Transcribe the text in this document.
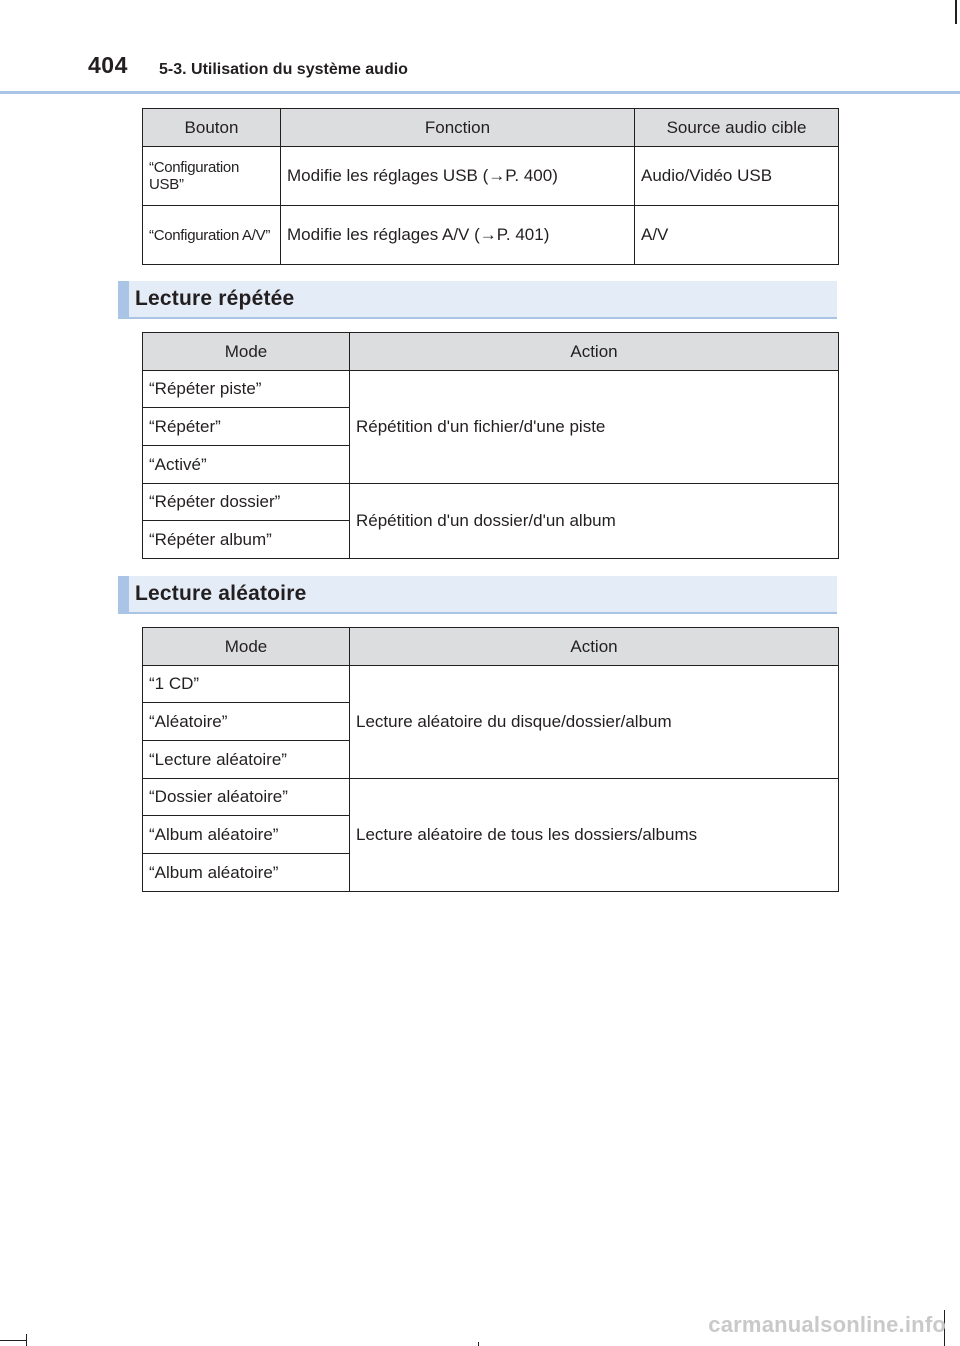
404 5-3. Utilisation du système audio
Bouton	Fonction	Source audio cible
“Configuration USB”	Modifie les réglages USB (→P. 400)	Audio/Vidéo USB
“Configuration A/V”	Modifie les réglages A/V (→P. 401)	A/V
Lecture répétée
Mode	Action
“Répéter piste”	Répétition d'un fichier/d'une piste
“Répéter”	
“Activé”	
“Répéter dossier”	Répétition d'un dossier/d'un album
“Répéter album”	
Lecture aléatoire
Mode	Action
“1 CD”	Lecture aléatoire du disque/dossier/album
“Aléatoire”	
“Lecture aléatoire”	
“Dossier aléatoire”	Lecture aléatoire de tous les dossiers/albums
“Album aléatoire”	
“Album aléatoire”	
carmanualsonline.info
